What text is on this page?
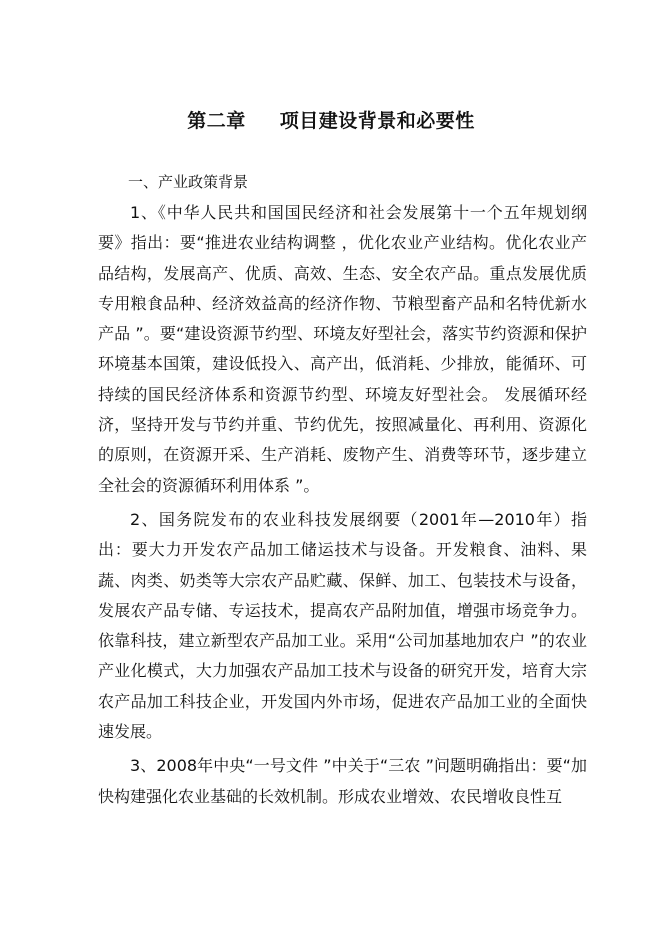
第二章 项目建设背景和必要性
一、产业政策背景

1、《中华人民共和国国民经济和社会发展第十一个五年规划纲要》指出：要“推进农业结构调整 ，优化农业产业结构。优化农业产品结构，发展高产、优质、高效、生态、安全农产品。重点发展优质专用粮食品种、经济效益高的经济作物、节粮型畜产品和名特优新水产品 ”。要“建设资源节约型、环境友好型社会，落实节约资源和保护环境基本国策，建设低投入、高产出，低消耗、少排放，能循环、可持续的国民经济体系和资源节约型、环境友好型社会。 发展循环经济，坚持开发与节约并重、节约优先，按照减量化、再利用、资源化的原则，在资源开采、生产消耗、废物产生、消费等环节，逐步建立全社会的资源循环利用体系 ”。

2、国务院发布的农业科技发展纲要（2001年—2010年）指出：要大力开发农产品加工储运技术与设备。开发粮食、油料、果蔬、肉类、奶类等大宗农产品贮藏、保鲜、加工、包装技术与设备，发展农产品专储、专运技术，提高农产品附加值，增强市场竞争力。依靠科技，建立新型农产品加工业。采用“公司加基地加农户 ”的农业产业化模式，大力加强农产品加工技术与设备的研究开发，培育大宗农产品加工科技企业，开发国内外市场，促进农产品加工业的全面快速发展。

3、2008年中央“一号文件 ”中关于“三农 ”问题明确指出：要“加快构建强化农业基础的长效机制。形成农业增效、农民增收良性互
